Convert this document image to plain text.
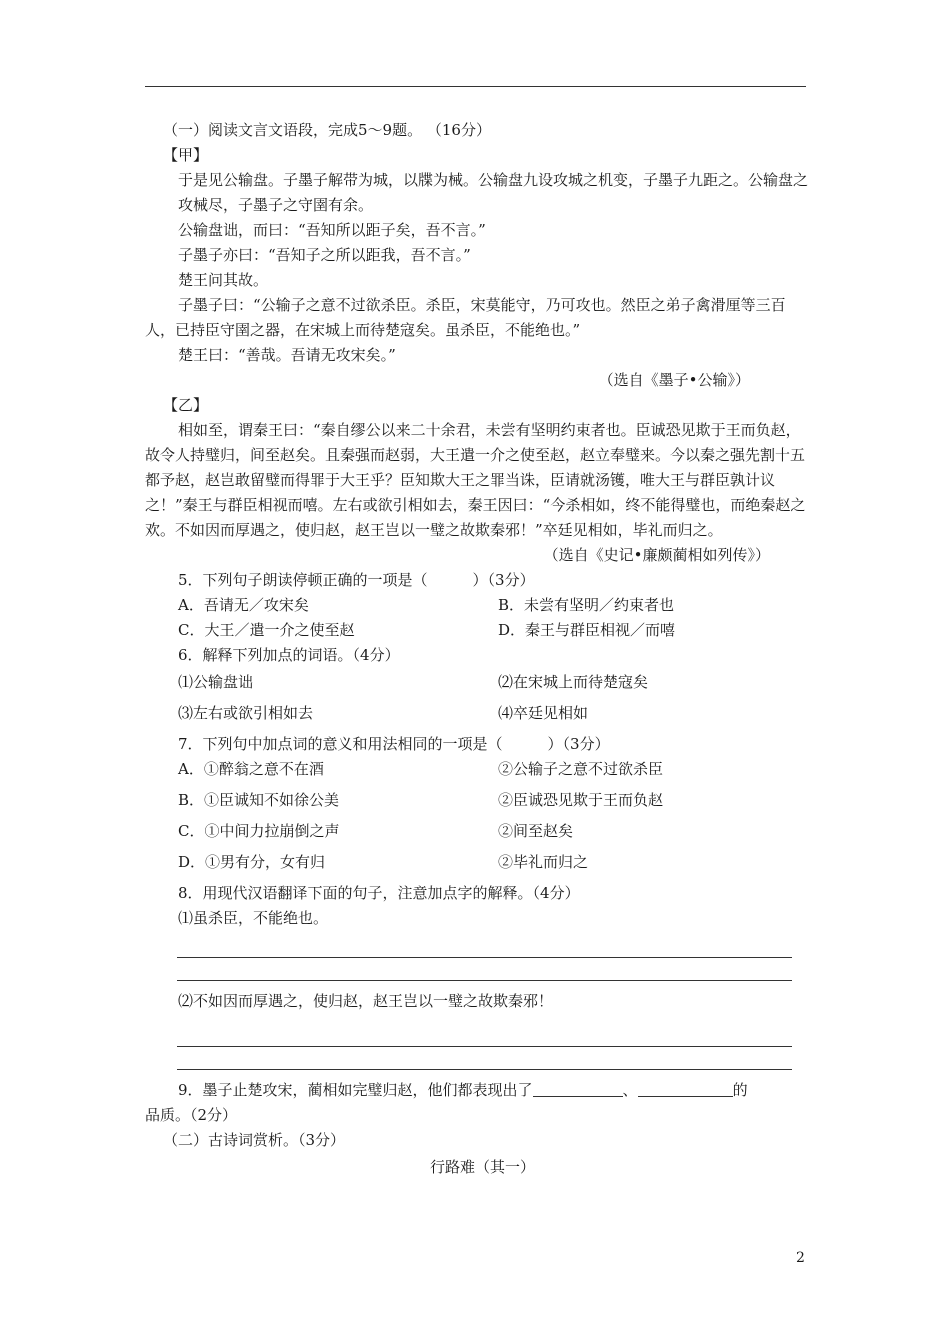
（一）阅读文言文语段，完成5～9题。 （16分）
【甲】
于是见公输盘。子墨子解带为城，以牒为械。公输盘九设攻城之机变，子墨子九距之。公输盘之攻械尽，子墨子之守圉有余。
公输盘诎，而曰：“吾知所以距子矣，吾不言。”
子墨子亦曰：“吾知子之所以距我，吾不言。”
楚王问其故。
子墨子曰：“公输子之意不过欲杀臣。杀臣，宋莫能守，乃可攻也。然臣之弟子禽滑厘等三百人，已持臣守圉之器，在宋城上而待楚寇矣。虽杀臣，不能绝也。”
楚王曰：“善哉。吾请无攻宋矣。”
（选自《墨子•公输》）
【乙】
相如至，谓秦王曰：“秦自缪公以来二十余君，未尝有坚明约束者也。臣诚恐见欺于王而负赵，故令人持璧归，间至赵矣。且秦强而赵弱，大王遣一介之使至赵，赵立奉璧来。今以秦之强先割十五都予赵，赵岂敢留璧而得罪于大王乎？臣知欺大王之罪当诛，臣请就汤镬，唯大王与群臣孰计议之！”秦王与群臣相视而嘻。左右或欲引相如去，秦王因曰：“今杀相如，终不能得璧也，而绝秦赵之欢。不如因而厚遇之，使归赵，赵王岂以一璧之故欺秦邪！”卒廷见相如，毕礼而归之。
（选自《史记•廉颇蔺相如列传》）
5．下列句子朗读停顿正确的一项是（　　　）（3分）
A．吾请无／攻宋矣	B．未尝有坚明／约束者也
C．大王／遣一介之使至赵	D．秦王与群臣相视／而嘻
6．解释下列加点的词语。（4分）
⑴公输盘诎	⑵在宋城上而待楚寇矣
⑶左右或欲引相如去	⑷卒廷见相如
7．下列句中加点词的意义和用法相同的一项是（　　　）（3分）
A．①醉翁之意不在酒	②公输子之意不过欲杀臣
B．①臣诚知不如徐公美	②臣诚恐见欺于王而负赵
C．①中间力拉崩倒之声	②间至赵矣
D．①男有分，女有归	②毕礼而归之
8．用现代汉语翻译下面的句子，注意加点字的解释。（4分）
⑴虽杀臣，不能绝也。
⑵不如因而厚遇之，使归赵，赵王岂以一璧之故欺秦邪！
9．墨子止楚攻宋，蔺相如完璧归赵，他们都表现出了	、	的
品质。（2分）
（二）古诗词赏析。（3分）
行路难（其一）
2
